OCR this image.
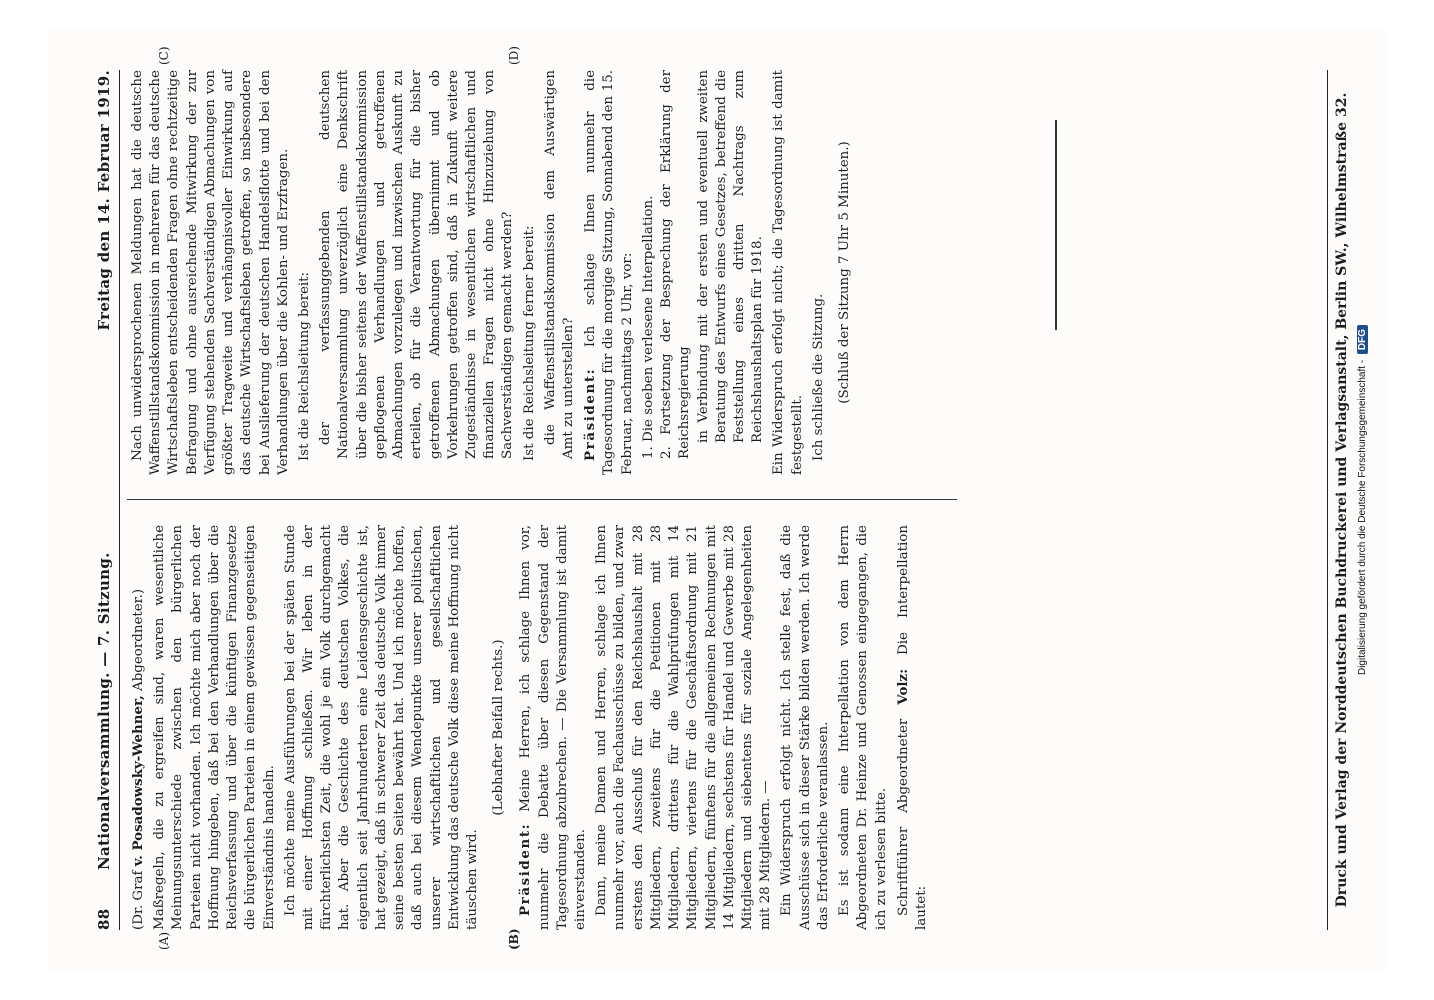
88
Nationalversammlung. — 7. Sitzung.
Freitag den 14. Februar 1919.
(A)	(B)
(C)	(D)

(Dr. Graf v. Posadowsky-Wehner, Abgeordneter.) Maßregeln, die zu ergreifen sind, waren wesentliche Meinungsunterschiede zwischen den bürgerlichen Parteien nicht vorhanden. Ich möchte mich aber noch der Hoffnung hingeben, daß bei den Verhandlungen über die Reichsverfassung und über die künftigen Finanzgesetze die bürgerlichen Parteien in einem gewissen gegenseitigen Einverständnis handeln. Ich möchte meine Ausführungen bei der späten Stunde mit einer Hoffnung schließen. Wir leben in der fürchterlichsten Zeit, die wohl je ein Volk durchgemacht hat. Aber die Geschichte des deutschen Volkes, die eigentlich seit Jahrhunderten eine Leidensgeschichte ist, hat gezeigt, daß in schwerer Zeit das deutsche Volk immer seine besten Seiten bewährt hat. Und ich möchte hoffen, daß auch bei diesem Wendepunkte unserer politischen, unserer wirtschaftlichen und gesellschaftlichen Entwicklung das deutsche Volk diese meine Hoffnung nicht täuschen wird.

(Lebhafter Beifall rechts.)

Präsident: Meine Herren, ich schlage Ihnen vor, nunmehr die Debatte über diesen Gegenstand der Tagesordnung abzubrechen. — Die Versammlung ist damit einverstanden. Dann, meine Damen und Herren, schlage ich Ihnen nunmehr vor, auch die Fachausschüsse zu bilden, und zwar erstens den Ausschuß für den Reichshaushalt mit 28 Mitgliedern, zweitens für die Petitionen mit 28 Mitgliedern, drittens für die Wahlprüfungen mit 14 Mitgliedern, viertens für die Geschäftsordnung mit 21 Mitgliedern, fünftens für die allgemeinen Rechnungen mit 14 Mitgliedern, sechstens für Handel und Gewerbe mit 28 Mitgliedern und siebentens für soziale Angelegenheiten mit 28 Mitgliedern. — Ein Widerspruch erfolgt nicht. Ich stelle fest, daß die Ausschüsse sich in dieser Stärke bilden werden. Ich werde das Erforderliche veranlassen. Es ist sodann eine Interpellation von dem Herrn Abgeordneten Dr. Heinze und Genossen eingegangen, die ich zu verlesen bitte. Schriftführer Abgeordneter Volz: Die Interpellation lautet:

Nach unwidersprochenen Meldungen hat die deutsche Waffenstillstandskommission in mehreren für das deutsche Wirtschaftsleben entscheidenden Fragen ohne rechtzeitige Befragung und ohne ausreichende Mitwirkung der zur Verfügung stehenden Sachverständigen Abmachungen von größter Tragweite und verhängnisvoller Einwirkung auf das deutsche Wirtschaftsleben getroffen, so insbesondere bei Auslieferung der deutschen Handelsflotte und bei den Verhandlungen über die Kohlen- und Erzfragen. Ist die Reichsleitung bereit: der verfassunggebenden deutschen Nationalversammlung unverzüglich eine Denkschrift über die bisher seitens der Waffenstillstandskommission gepflogenen Verhandlungen und getroffenen Abmachungen vorzulegen und inzwischen Auskunft zu erteilen, ob für die Verantwortung für die bisher getroffenen Abmachungen übernimmt und ob Vorkehrungen getroffen sind, daß in Zukunft weitere Zugeständnisse in wesentlichen wirtschaftlichen und finanziellen Fragen nicht ohne Hinzuziehung von Sachverständigen gemacht werden? Ist die Reichsleitung ferner bereit: die Waffenstillstandskommission dem Auswärtigen Amt zu unterstellen? Präsident: Ich schlage Ihnen nunmehr die Tagesordnung für die morgige Sitzung, Sonnabend den 15. Februar, nachmittags 2 Uhr, vor: 1. Die soeben verlesene Interpellation. 2. Fortsetzung der Besprechung der Erklärung der Reichsregierung in Verbindung mit der ersten und eventuell zweiten Beratung des Entwurfs eines Gesetzes, betreffend die Feststellung eines dritten Nachtrags zum Reichshaushaltsplan für 1918. Ein Widerspruch erfolgt nicht; die Tagesordnung ist damit festgestellt. Ich schließe die Sitzung. (Schluß der Sitzung 7 Uhr 5 Minuten.)	Druck und Verlag der Norddeutschen Buchdruckerei und Verlagsanstalt, Berlin SW., Wilhelmstraße 32. Digitalisierung gefördert durch die Deutsche Forschungsgemeinschaft - DFG
